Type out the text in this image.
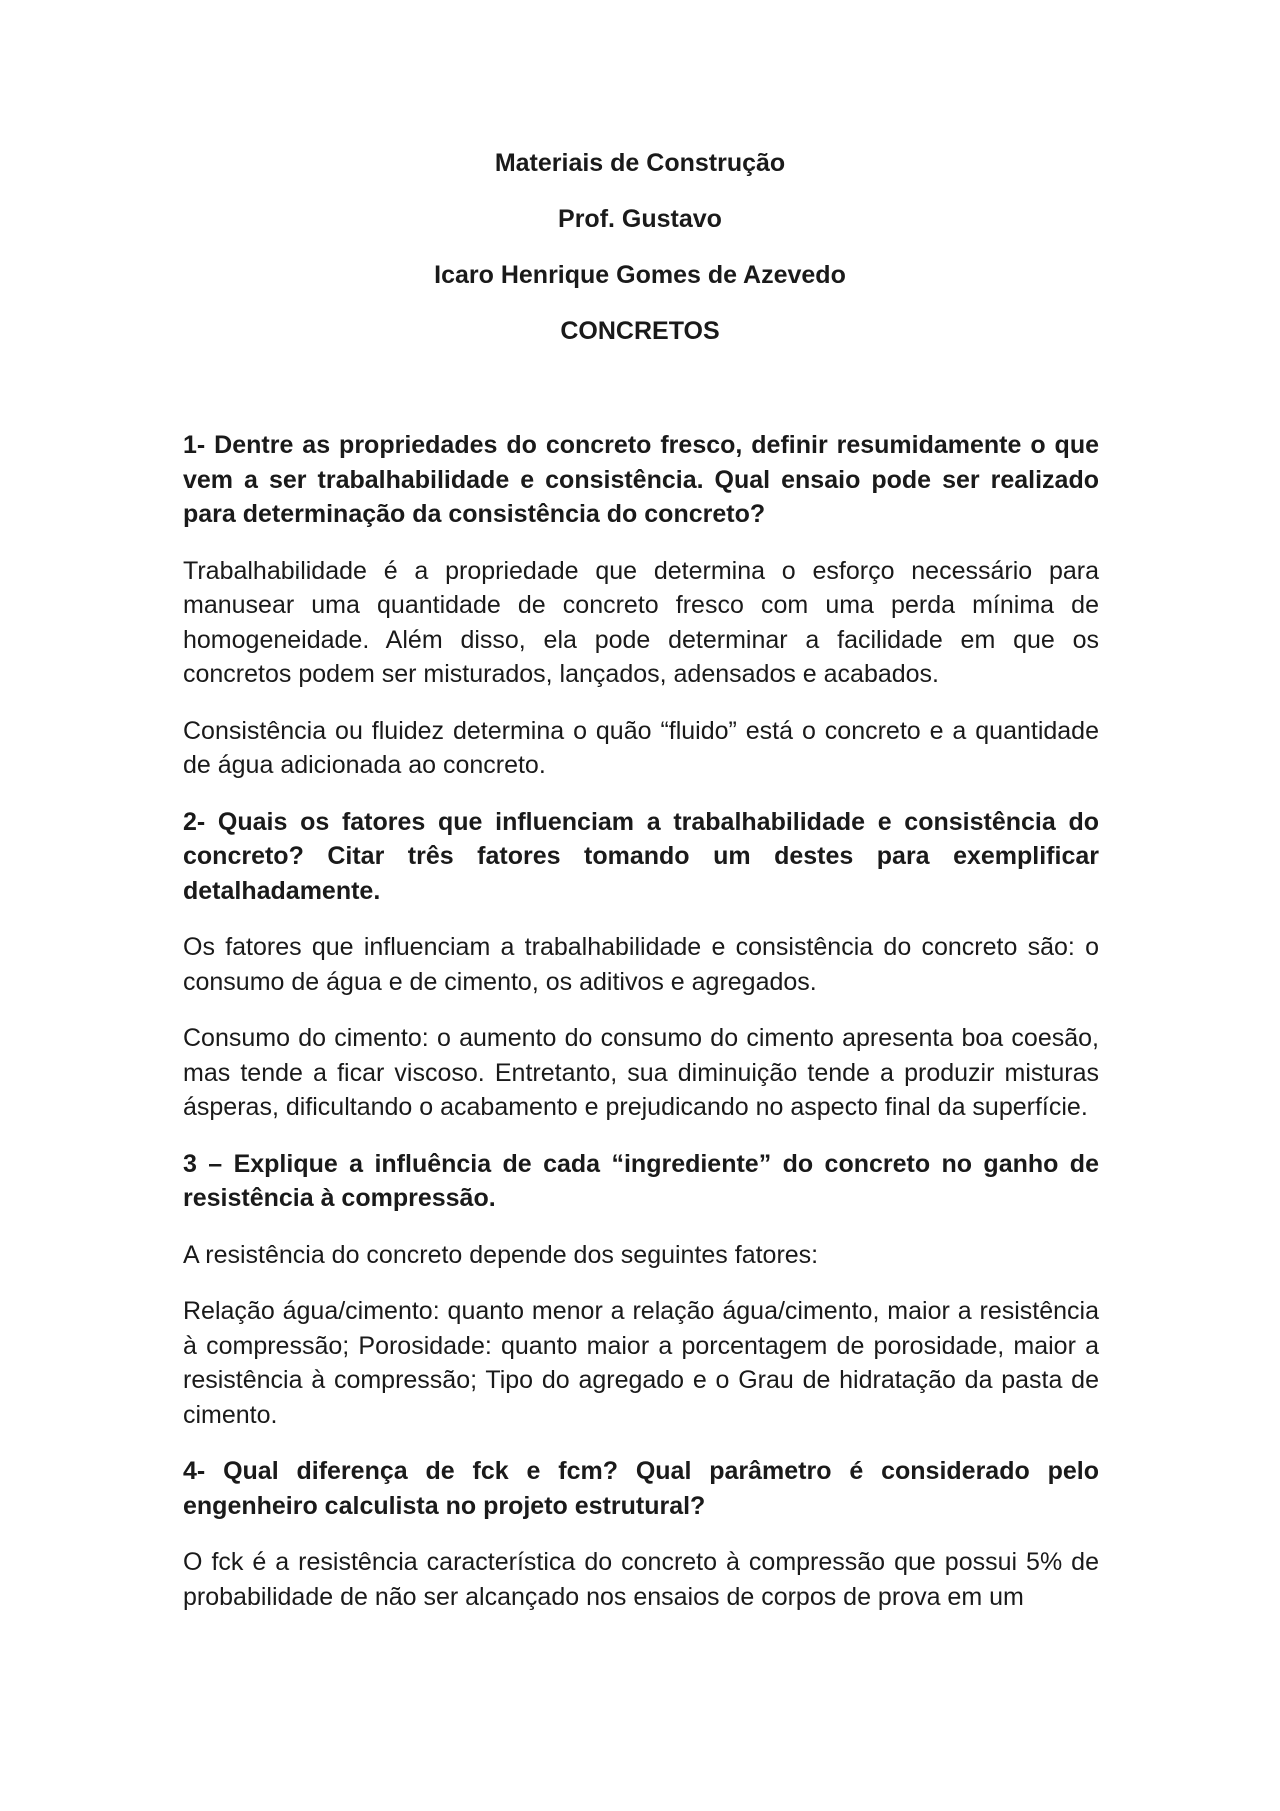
Materiais de Construção

Prof. Gustavo

Icaro Henrique Gomes de Azevedo

CONCRETOS

1- Dentre as propriedades do concreto fresco, definir resumidamente o que vem a ser trabalhabilidade e consistência. Qual ensaio pode ser realizado para determinação da consistência do concreto?

Trabalhabilidade é a propriedade que determina o esforço necessário para manusear uma quantidade de concreto fresco com uma perda mínima de homogeneidade. Além disso, ela pode determinar a facilidade em que os concretos podem ser misturados, lançados, adensados e acabados.

Consistência ou fluidez determina o quão “fluido” está o concreto e a quantidade de água adicionada ao concreto.

2- Quais os fatores que influenciam a trabalhabilidade e consistência do concreto? Citar três fatores tomando um destes para exemplificar detalhadamente.

Os fatores que influenciam a trabalhabilidade e consistência do concreto são: o consumo de água e de cimento, os aditivos e agregados.

Consumo do cimento: o aumento do consumo do cimento apresenta boa coesão, mas tende a ficar viscoso. Entretanto, sua diminuição tende a produzir misturas ásperas, dificultando o acabamento e prejudicando no aspecto final da superfície.

3 – Explique a influência de cada “ingrediente” do concreto no ganho de resistência à compressão.

A resistência do concreto depende dos seguintes fatores:

Relação água/cimento: quanto menor a relação água/cimento, maior a resistência à compressão; Porosidade: quanto maior a porcentagem de porosidade, maior a resistência à compressão; Tipo do agregado e o Grau de hidratação da pasta de cimento.

4- Qual diferença de fck e fcm? Qual parâmetro é considerado pelo engenheiro calculista no projeto estrutural?

O fck é a resistência característica do concreto à compressão que possui 5% de probabilidade de não ser alcançado nos ensaios de corpos de prova em um
